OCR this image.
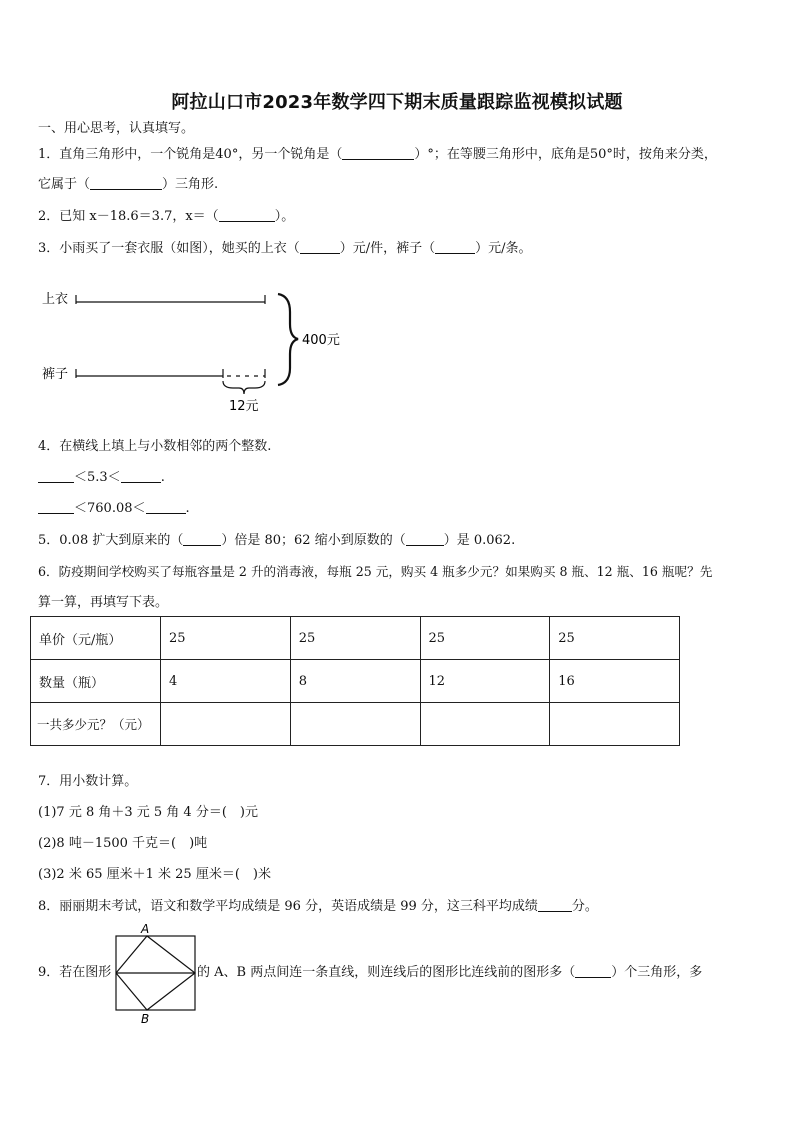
阿拉山口市2023年数学四下期末质量跟踪监视模拟试题
一、用心思考，认真填写。
1．直角三角形中，一个锐角是40°，另一个锐角是（	）°；在等腰三角形中，底角是50°时，按角来分类，
它属于（	）三角形.
2．已知 x－18.6＝3.7，x＝（	）。
3．小雨买了一套衣服（如图），她买的上衣（	）元/件，裤子（	）元/条。
上衣
裤子
12元
400元
4．在横线上填上与小数相邻的两个整数.
＜5.3＜	.
＜760.08＜	.
5．0.08 扩大到原来的（	）倍是 80；62 缩小到原数的（	）是 0.062.
6．防疫期间学校购买了每瓶容量是 2 升的消毒液，每瓶 25 元，购买 4 瓶多少元？如果购买 8 瓶、12 瓶、16 瓶呢？先
算一算，再填写下表。
单价（元/瓶）	25	25	25	25
数量（瓶）	4	8	12	16
一共多少元？（元）				
7．用小数计算。
(1)7 元 8 角＋3 元 5 角 4 分＝(　)元
(2)8 吨－1500 千克＝(　)吨
(3)2 米 65 厘米＋1 米 25 厘米＝(　)米
8．丽丽期末考试，语文和数学平均成绩是 96 分，英语成绩是 99 分，这三科平均成绩	分。
A
B
9．若在图形	的 A、B 两点间连一条直线，则连线后的图形比连线前的图形多（	）个三角形，多
